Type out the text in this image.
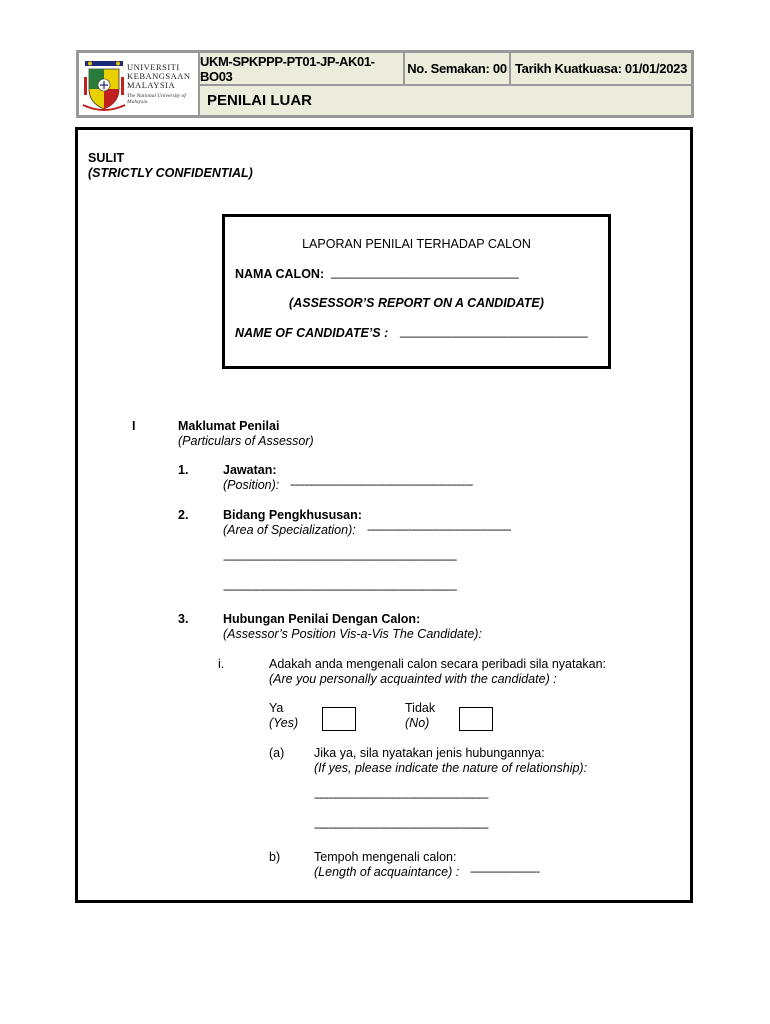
UNIVERSITI
KEBANGSAAN
MALAYSIA
The National University of Malaysia
UKM-SPKPPP-PT01-JP-AK01-BO03	No. Semakan: 00 Tarikh Kuatkuasa: 01/01/2023
PENILAI LUAR
SULIT
(STRICTLY CONFIDENTIAL)
LAPORAN PENILAI TERHADAP CALON
NAMA CALON: ___________________________
(ASSESSOR’S REPORT ON A CANDIDATE)
NAME OF CANDIDATE’S : ___________________________
I	Maklumat Penilai
(Particulars of Assessor)
1.	Jawatan:
(Position): ------------------------------------------------------------------
2.	Bidang Pengkhususan:
(Area of Specialization): ----------------------------------------------------
--------------------------------------------------------------------------------------
--------------------------------------------------------------------------------------
3.	Hubungan Penilai Dengan Calon:
(Assessor’s Position Vis-a-Vis The Candidate):
i.	Adakah anda mengenali calon secara peribadi sila nyatakan:
(Are you personally acquainted with the candidate) :
Ya
(Yes)
Tidak
(No)
(a) Jika ya, sila nyatakan jenis hubungannya:
(If yes, please indicate the nature of relationship):
---------------------------------------------------------------
---------------------------------------------------------------
b)	Tempoh mengenali calon:
(Length of acquaintance) : -------------------------
